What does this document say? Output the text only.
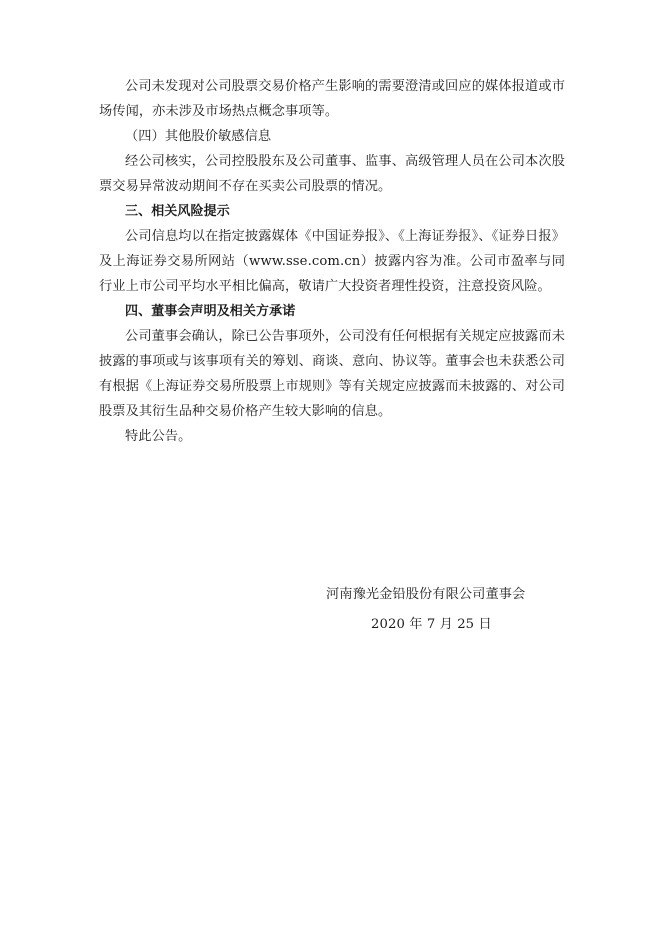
公司未发现对公司股票交易价格产生影响的需要澄清或回应的媒体报道或市场传闻，亦未涉及市场热点概念事项等。

（四）其他股价敏感信息

经公司核实，公司控股股东及公司董事、监事、高级管理人员在公司本次股票交易异常波动期间不存在买卖公司股票的情况。

三、相关风险提示

公司信息均以在指定披露媒体《中国证券报》、《上海证券报》、《证券日报》及上海证券交易所网站（www.sse.com.cn）披露内容为准。公司市盈率与同行业上市公司平均水平相比偏高，敬请广大投资者理性投资，注意投资风险。

四、董事会声明及相关方承诺

公司董事会确认，除已公告事项外，公司没有任何根据有关规定应披露而未披露的事项或与该事项有关的筹划、商谈、意向、协议等。董事会也未获悉公司有根据《上海证券交易所股票上市规则》等有关规定应披露而未披露的、对公司股票及其衍生品种交易价格产生较大影响的信息。

特此公告。

河南豫光金铅股份有限公司董事会

2020 年 7 月 25 日
